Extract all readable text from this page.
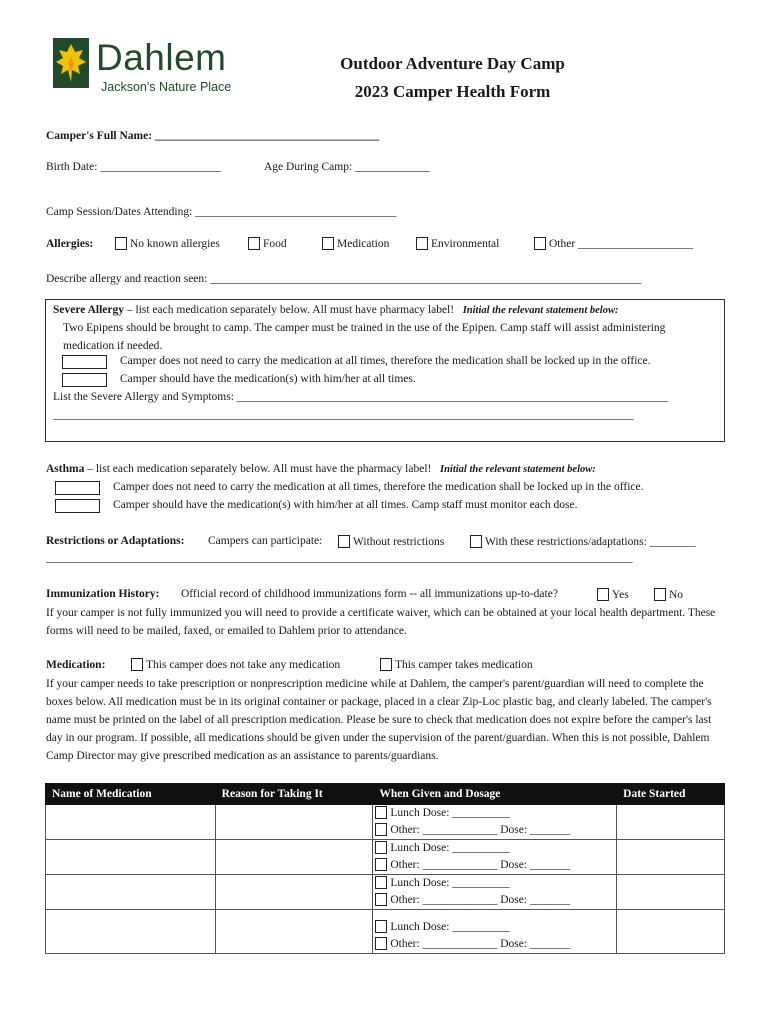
Dahlem
Jackson's Nature Place
Outdoor Adventure Day Camp
2023 Camper Health Form
Camper's Full Name: _______________________________________
Birth Date: _____________________	Age During Camp: _____________
Camp Session/Dates Attending: ___________________________________
Allergies:	No known allergies	Food	Medication	Environmental	Other ____________________
Describe allergy and reaction seen: ___________________________________________________________________________
Severe Allergy – list each medication separately below. All must have pharmacy label! Initial the relevant statement below:
Two Epipens should be brought to camp. The camper must be trained in the use of the Epipen. Camp staff will assist administering medication if needed.
Camper does not need to carry the medication at all times, therefore the medication shall be locked up in the office.
Camper should have the medication(s) with him/her at all times.
List the Severe Allergy and Symptoms: ___________________________________________________________________________
_____________________________________________________________________________________________________
Asthma – list each medication separately below. All must have the pharmacy label! Initial the relevant statement below:
Camper does not need to carry the medication at all times, therefore the medication shall be locked up in the office.
Camper should have the medication(s) with him/her at all times. Camp staff must monitor each dose.
Restrictions or Adaptations: Campers can participate:	Without restrictions	With these restrictions/adaptations: ________
______________________________________________________________________________________________________
Immunization History: Official record of childhood immunizations form -- all immunizations up-to-date?	Yes	No
If your camper is not fully immunized you will need to provide a certificate waiver, which can be obtained at your local health department. These forms will need to be mailed, faxed, or emailed to Dahlem prior to attendance.
Medication:	This camper does not take any medication	This camper takes medication
If your camper needs to take prescription or nonprescription medicine while at Dahlem, the camper's parent/guardian will need to complete the boxes below. All medication must be in its original container or package, placed in a clear Zip-Loc plastic bag, and clearly labeled. The camper's name must be printed on the label of all prescription medication. Please be sure to check that medication does not expire before the camper's last day in our program. If possible, all medications should be given under the supervision of the parent/guardian. When this is not possible, Dahlem Camp Director may give prescribed medication as an assistance to parents/guardians.
Name of Medication	Reason for Taking It	When Given and Dosage	Date Started

		Lunch Dose: __________
Other: _____________ Dose: _______	

		Lunch Dose: __________
Other: _____________ Dose: _______	

		Lunch Dose: __________
Other: _____________ Dose: _______	

		Lunch Dose: __________
Other: _____________ Dose: _______	
